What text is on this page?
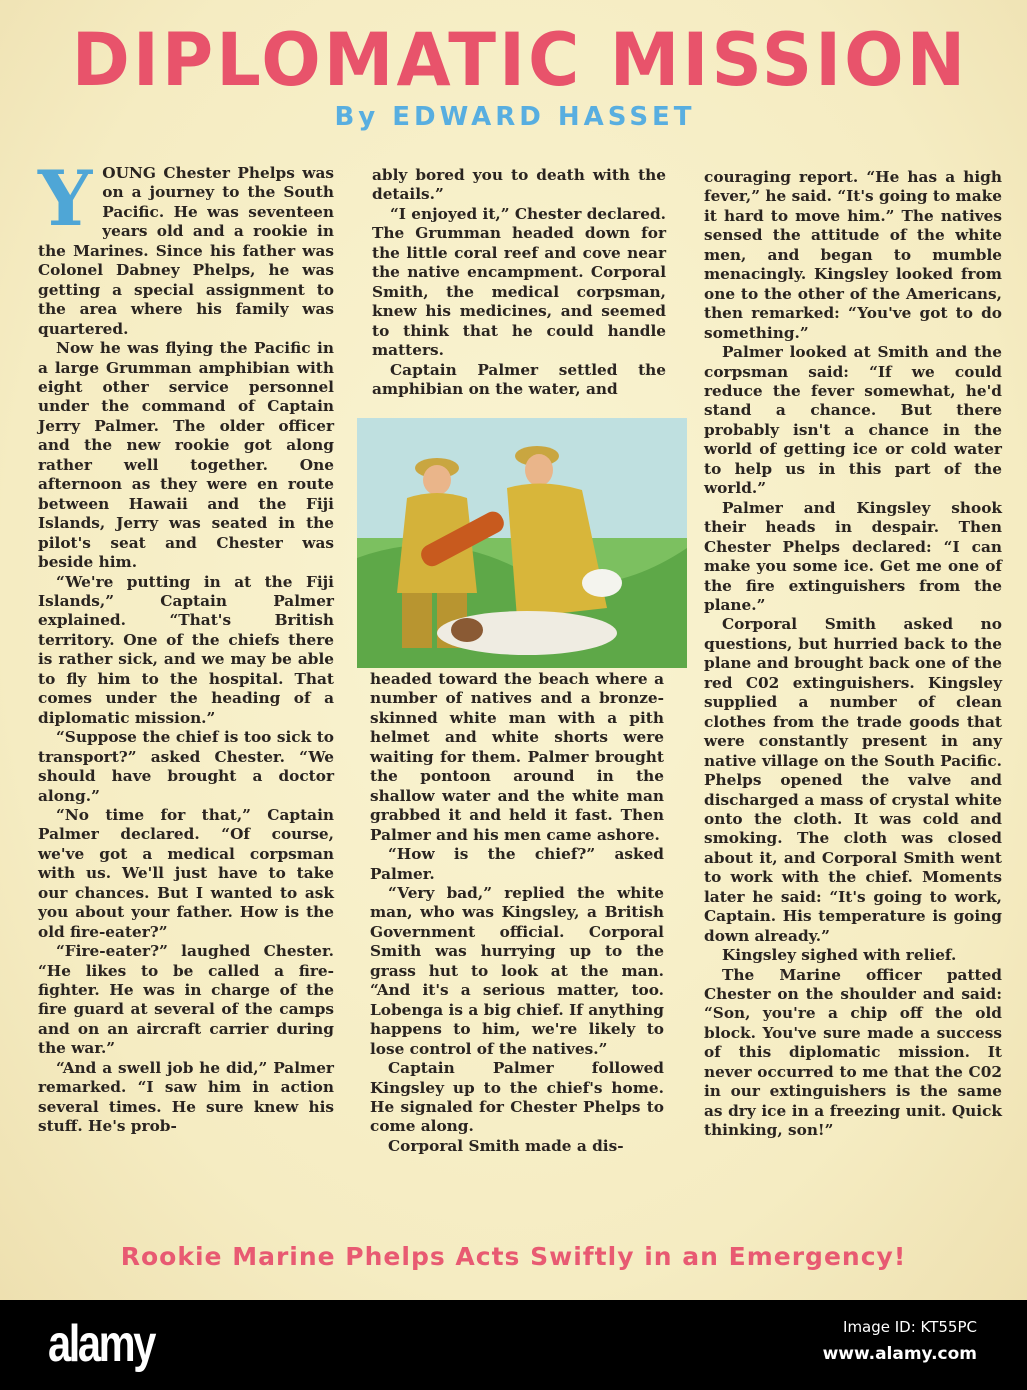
DIPLOMATIC MISSION
By EDWARD HASSET
Y OUNG Chester Phelps was on a journey to the South Pacific. He was seventeen years old and a rookie in the Marines. Since his father was Colonel Dabney Phelps, he was getting a special assignment to the area where his family was quartered.

Now he was flying the Pacific in a large Grumman amphibian with eight other service personnel under the command of Captain Jerry Palmer. The older officer and the new rookie got along rather well together. One afternoon as they were en route between Hawaii and the Fiji Islands, Jerry was seated in the pilot's seat and Chester was beside him.

“We're putting in at the Fiji Islands,” Captain Palmer explained. “That's British territory. One of the chiefs there is rather sick, and we may be able to fly him to the hospital. That comes under the heading of a diplomatic mission.”

“Suppose the chief is too sick to transport?” asked Chester. “We should have brought a doctor along.”

“No time for that,” Captain Palmer declared. “Of course, we've got a medical corpsman with us. We'll just have to take our chances. But I wanted to ask you about your father. How is the old fire-eater?”

“Fire-eater?” laughed Chester. “He likes to be called a fire-fighter. He was in charge of the fire guard at several of the camps and on an aircraft carrier during the war.”

“And a swell job he did,” Palmer remarked. “I saw him in action several times. He sure knew his stuff. He's prob-

ably bored you to death with the details.”

“I enjoyed it,” Chester declared. The Grumman headed down for the little coral reef and cove near the native encampment. Corporal Smith, the medical corpsman, knew his medicines, and seemed to think that he could handle matters.

Captain Palmer settled the amphibian on the water, and

headed toward the beach where a number of natives and a bronze-skinned white man with a pith helmet and white shorts were waiting for them. Palmer brought the pontoon around in the shallow water and the white man grabbed it and held it fast. Then Palmer and his men came ashore.

“How is the chief?” asked Palmer.

“Very bad,” replied the white man, who was Kingsley, a British Government official. Corporal Smith was hurrying up to the grass hut to look at the man. “And it's a serious matter, too. Lobenga is a big chief. If anything happens to him, we're likely to lose control of the natives.”

Captain Palmer followed Kingsley up to the chief's home. He signaled for Chester Phelps to come along.

Corporal Smith made a dis-

couraging report. “He has a high fever,” he said. “It's going to make it hard to move him.” The natives sensed the attitude of the white men, and began to mumble menacingly. Kingsley looked from one to the other of the Americans, then remarked: “You've got to do something.”

Palmer looked at Smith and the corpsman said: “If we could reduce the fever somewhat, he'd stand a chance. But there probably isn't a chance in the world of getting ice or cold water to help us in this part of the world.”

Palmer and Kingsley shook their heads in despair. Then Chester Phelps declared: “I can make you some ice. Get me one of the fire extinguishers from the plane.”

Corporal Smith asked no questions, but hurried back to the plane and brought back one of the red C02 extinguishers. Kingsley supplied a number of clean clothes from the trade goods that were constantly present in any native village on the South Pacific. Phelps opened the valve and discharged a mass of crystal white onto the cloth. It was cold and smoking. The cloth was closed about it, and Corporal Smith went to work with the chief. Moments later he said: “It's going to work, Captain. His temperature is going down already.”

Kingsley sighed with relief.

The Marine officer patted Chester on the shoulder and said: “Son, you're a chip off the old block. You've sure made a success of this diplomatic mission. It never occurred to me that the C02 in our extinguishers is the same as dry ice in a freezing unit. Quick thinking, son!”

Rookie Marine Phelps Acts Swiftly in an Emergency!
alamy	Image ID: KT55PC
www.alamy.com
